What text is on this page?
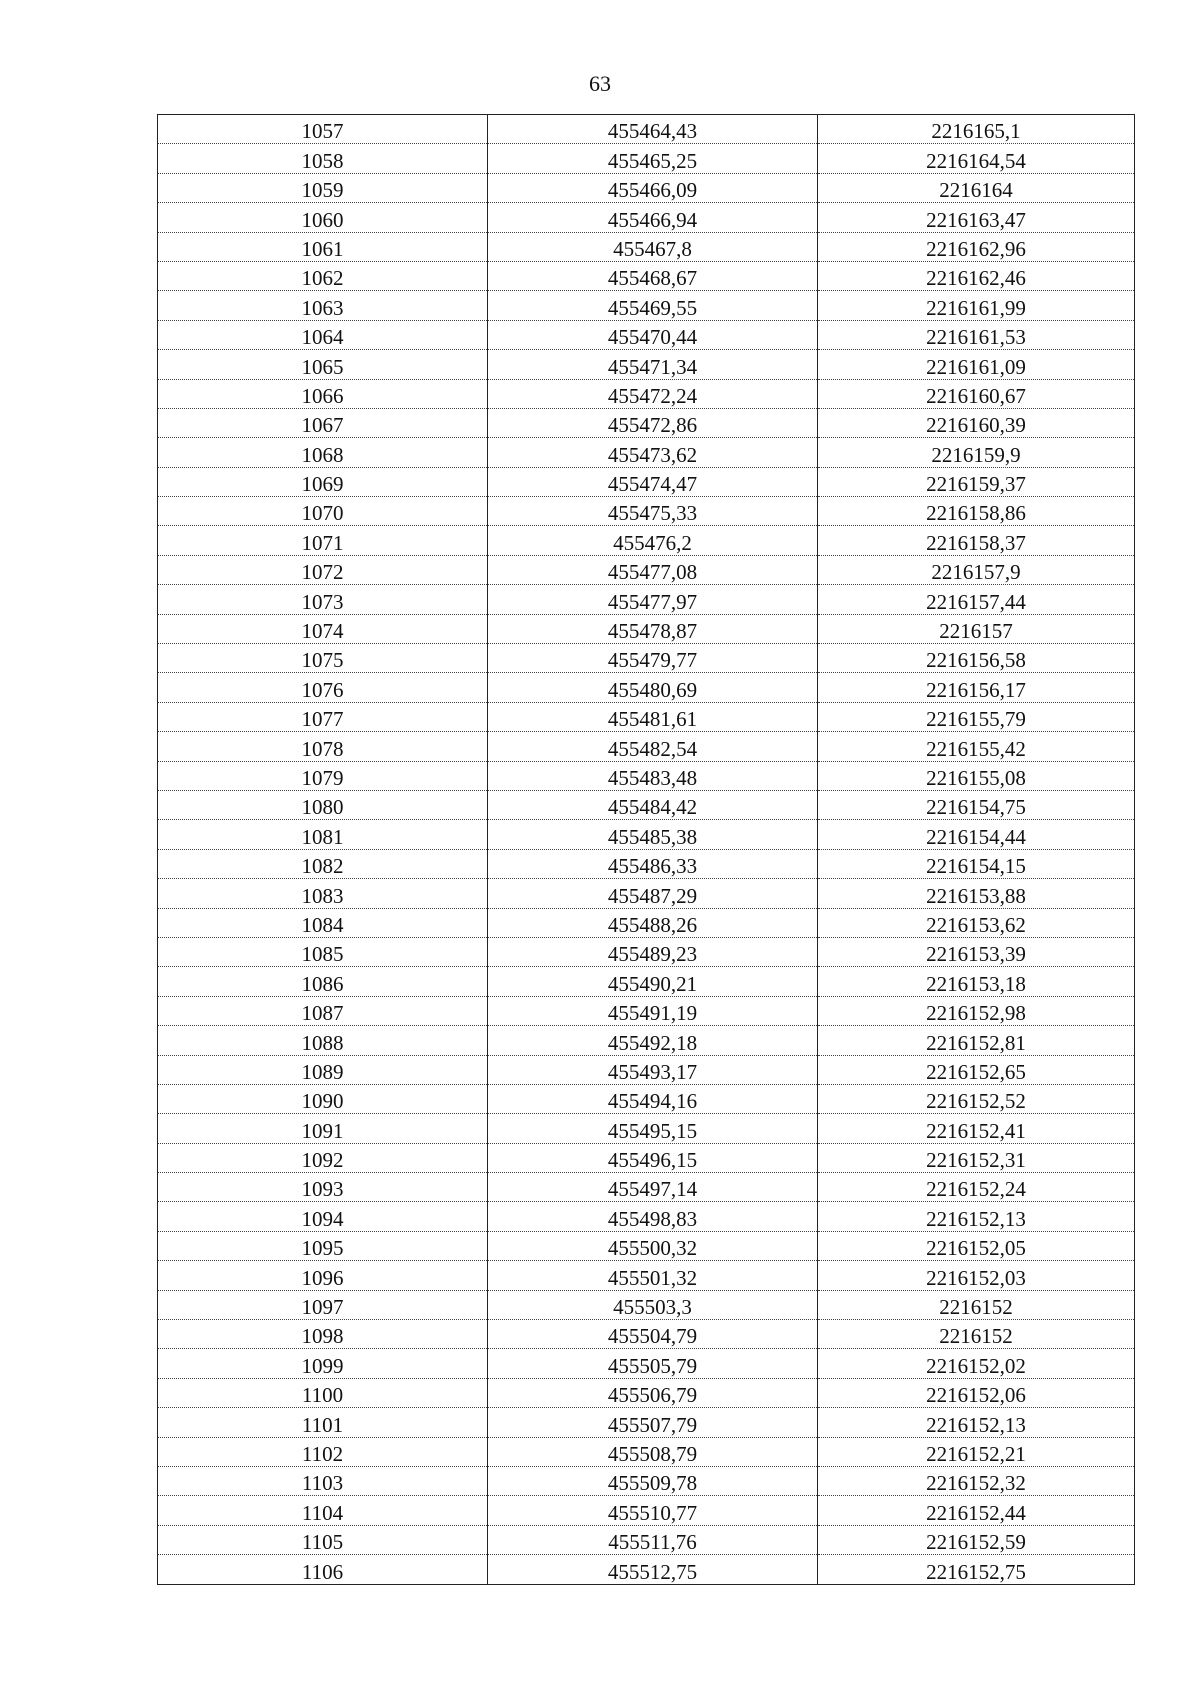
63
1057	455464,43	2216165,1
1058	455465,25	2216164,54
1059	455466,09	2216164
1060	455466,94	2216163,47
1061	455467,8	2216162,96
1062	455468,67	2216162,46
1063	455469,55	2216161,99
1064	455470,44	2216161,53
1065	455471,34	2216161,09
1066	455472,24	2216160,67
1067	455472,86	2216160,39
1068	455473,62	2216159,9
1069	455474,47	2216159,37
1070	455475,33	2216158,86
1071	455476,2	2216158,37
1072	455477,08	2216157,9
1073	455477,97	2216157,44
1074	455478,87	2216157
1075	455479,77	2216156,58
1076	455480,69	2216156,17
1077	455481,61	2216155,79
1078	455482,54	2216155,42
1079	455483,48	2216155,08
1080	455484,42	2216154,75
1081	455485,38	2216154,44
1082	455486,33	2216154,15
1083	455487,29	2216153,88
1084	455488,26	2216153,62
1085	455489,23	2216153,39
1086	455490,21	2216153,18
1087	455491,19	2216152,98
1088	455492,18	2216152,81
1089	455493,17	2216152,65
1090	455494,16	2216152,52
1091	455495,15	2216152,41
1092	455496,15	2216152,31
1093	455497,14	2216152,24
1094	455498,83	2216152,13
1095	455500,32	2216152,05
1096	455501,32	2216152,03
1097	455503,3	2216152
1098	455504,79	2216152
1099	455505,79	2216152,02
1100	455506,79	2216152,06
1101	455507,79	2216152,13
1102	455508,79	2216152,21
1103	455509,78	2216152,32
1104	455510,77	2216152,44
1105	455511,76	2216152,59
1106	455512,75	2216152,75
